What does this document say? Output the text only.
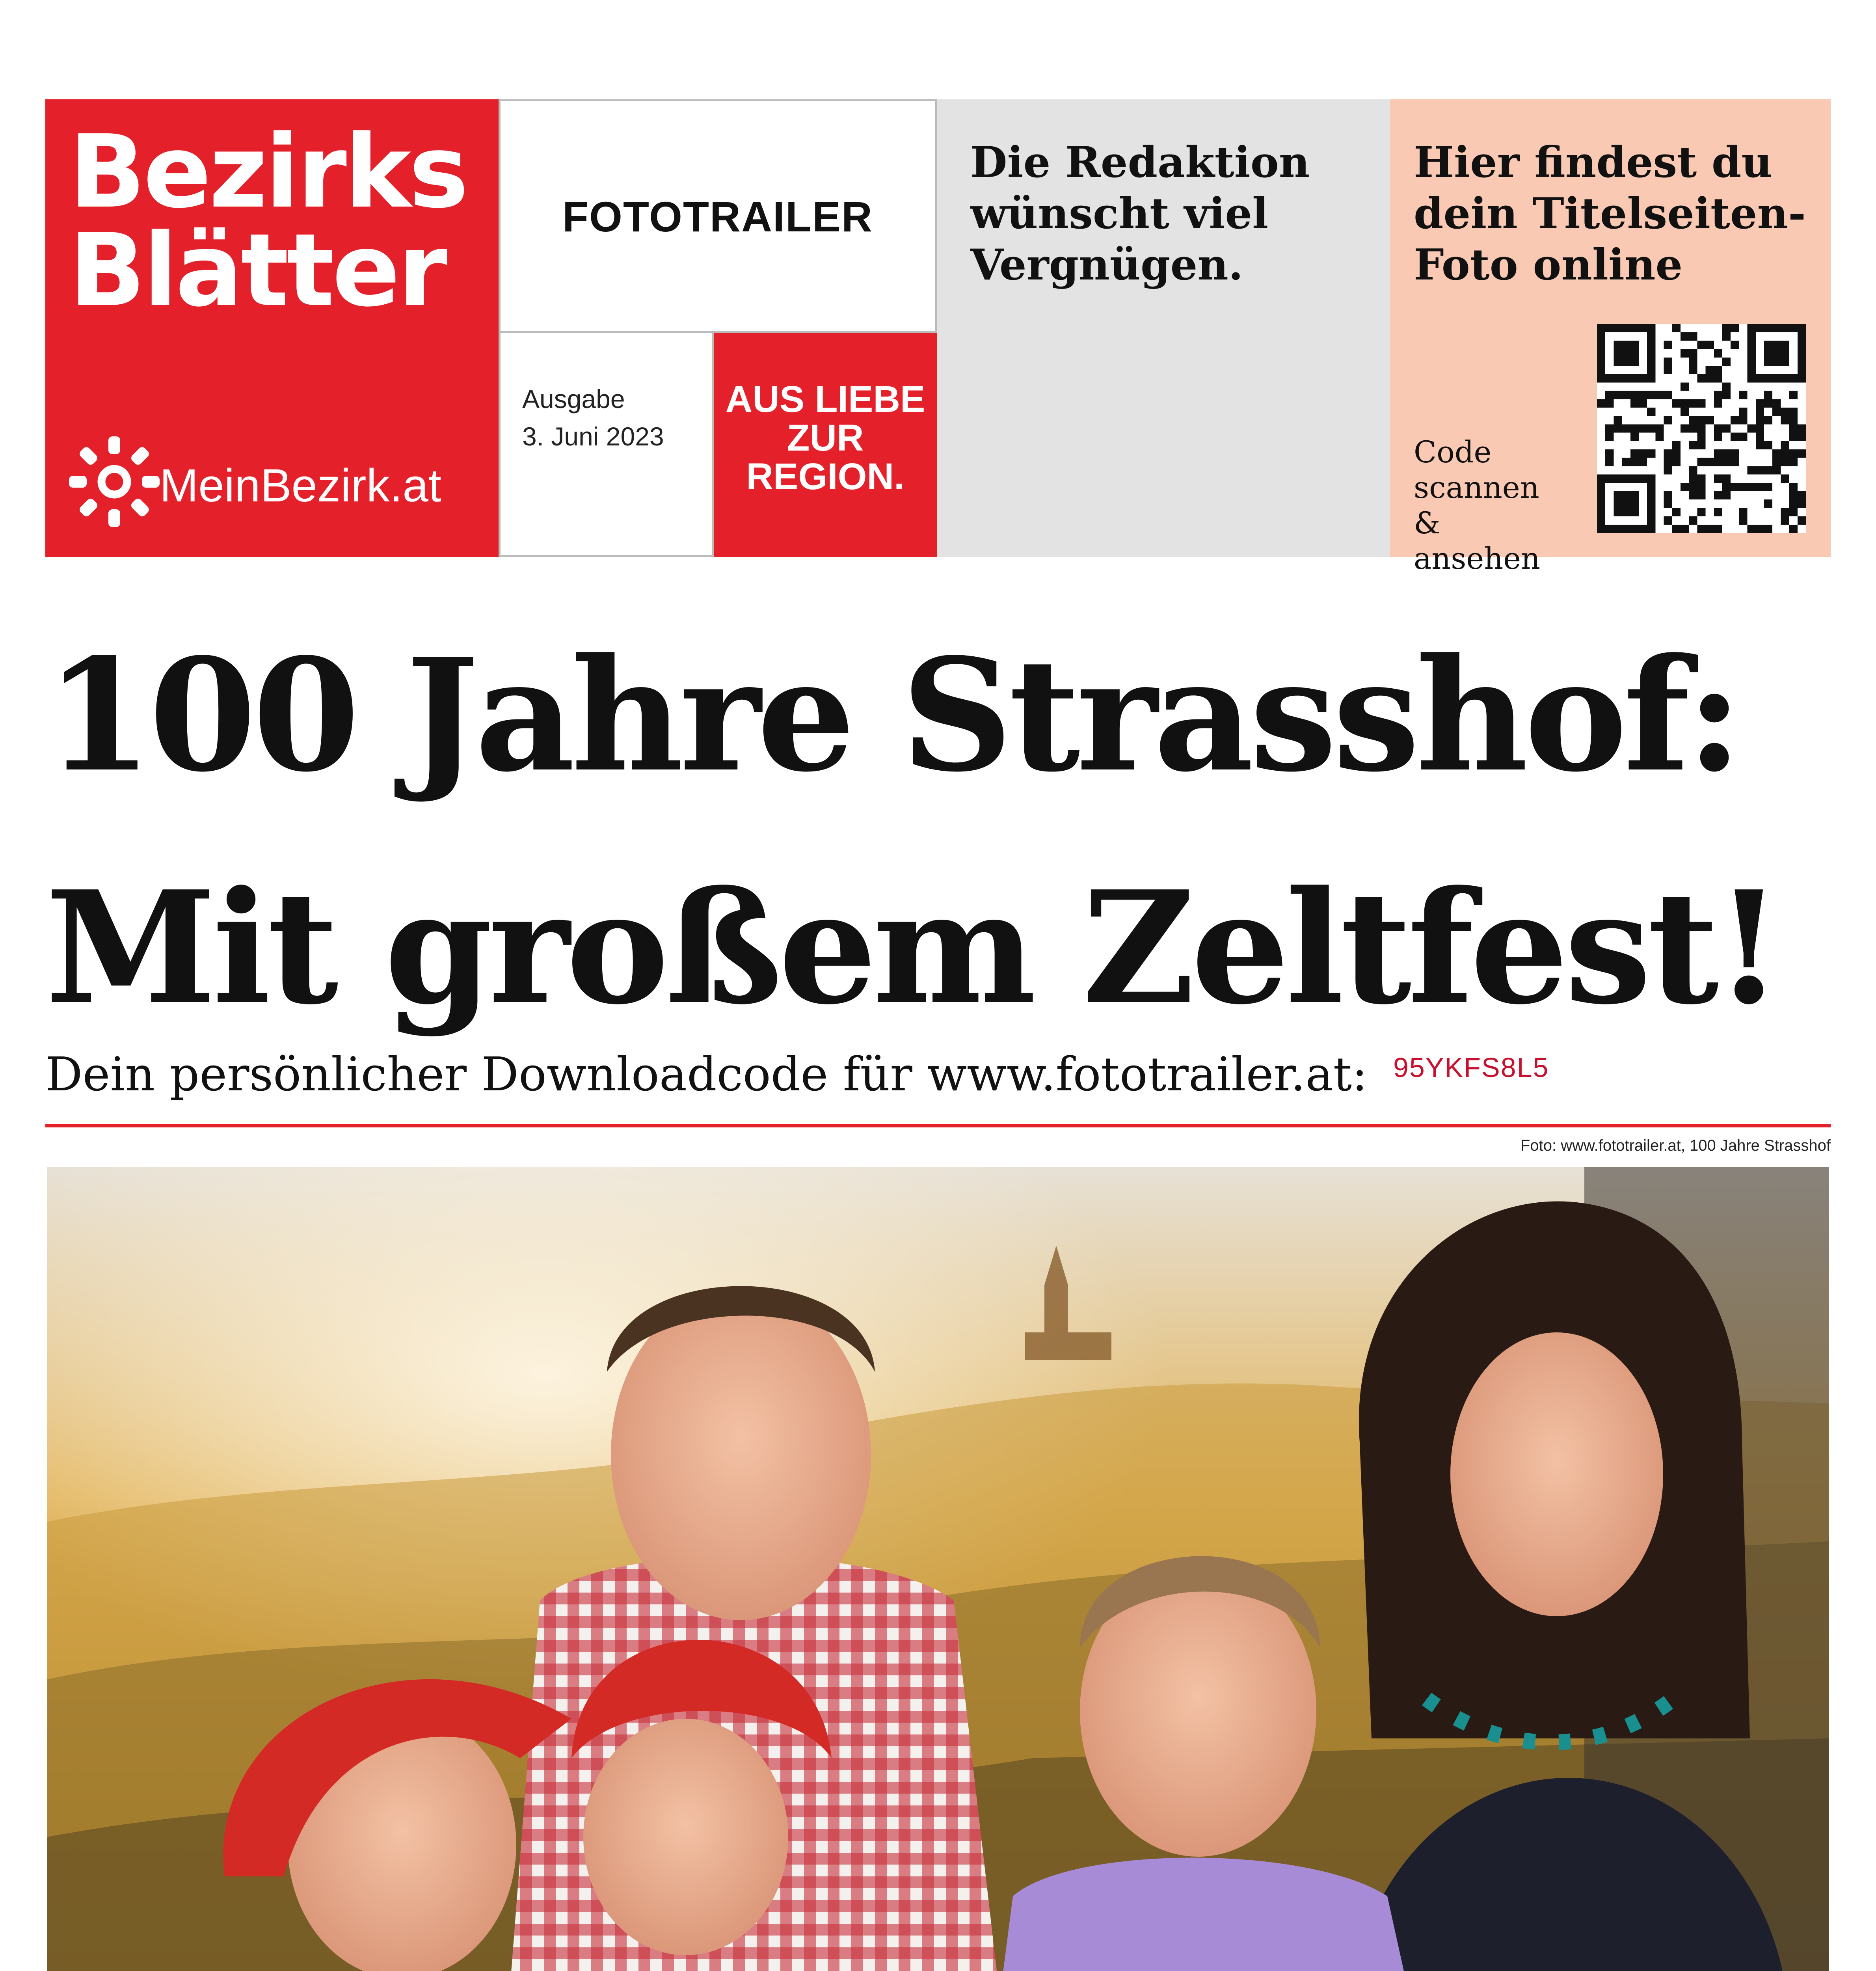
Bezirks
Blätter
MeinBezirk.at
FOTOTRAILER
Ausgabe
3. Juni 2023
AUS LIEBE
ZUR
REGION.
Die Redaktion wünscht viel Vergnügen.
Hier findest du dein Titelseiten-Foto online
Code
scannen
& ansehen
100 Jahre Strasshof:
Mit großem Zeltfest!
Dein persönlicher Downloadcode für www.fototrailer.at: 95YKFS8L5
Foto: www.fototrailer.at, 100 Jahre Strasshof
